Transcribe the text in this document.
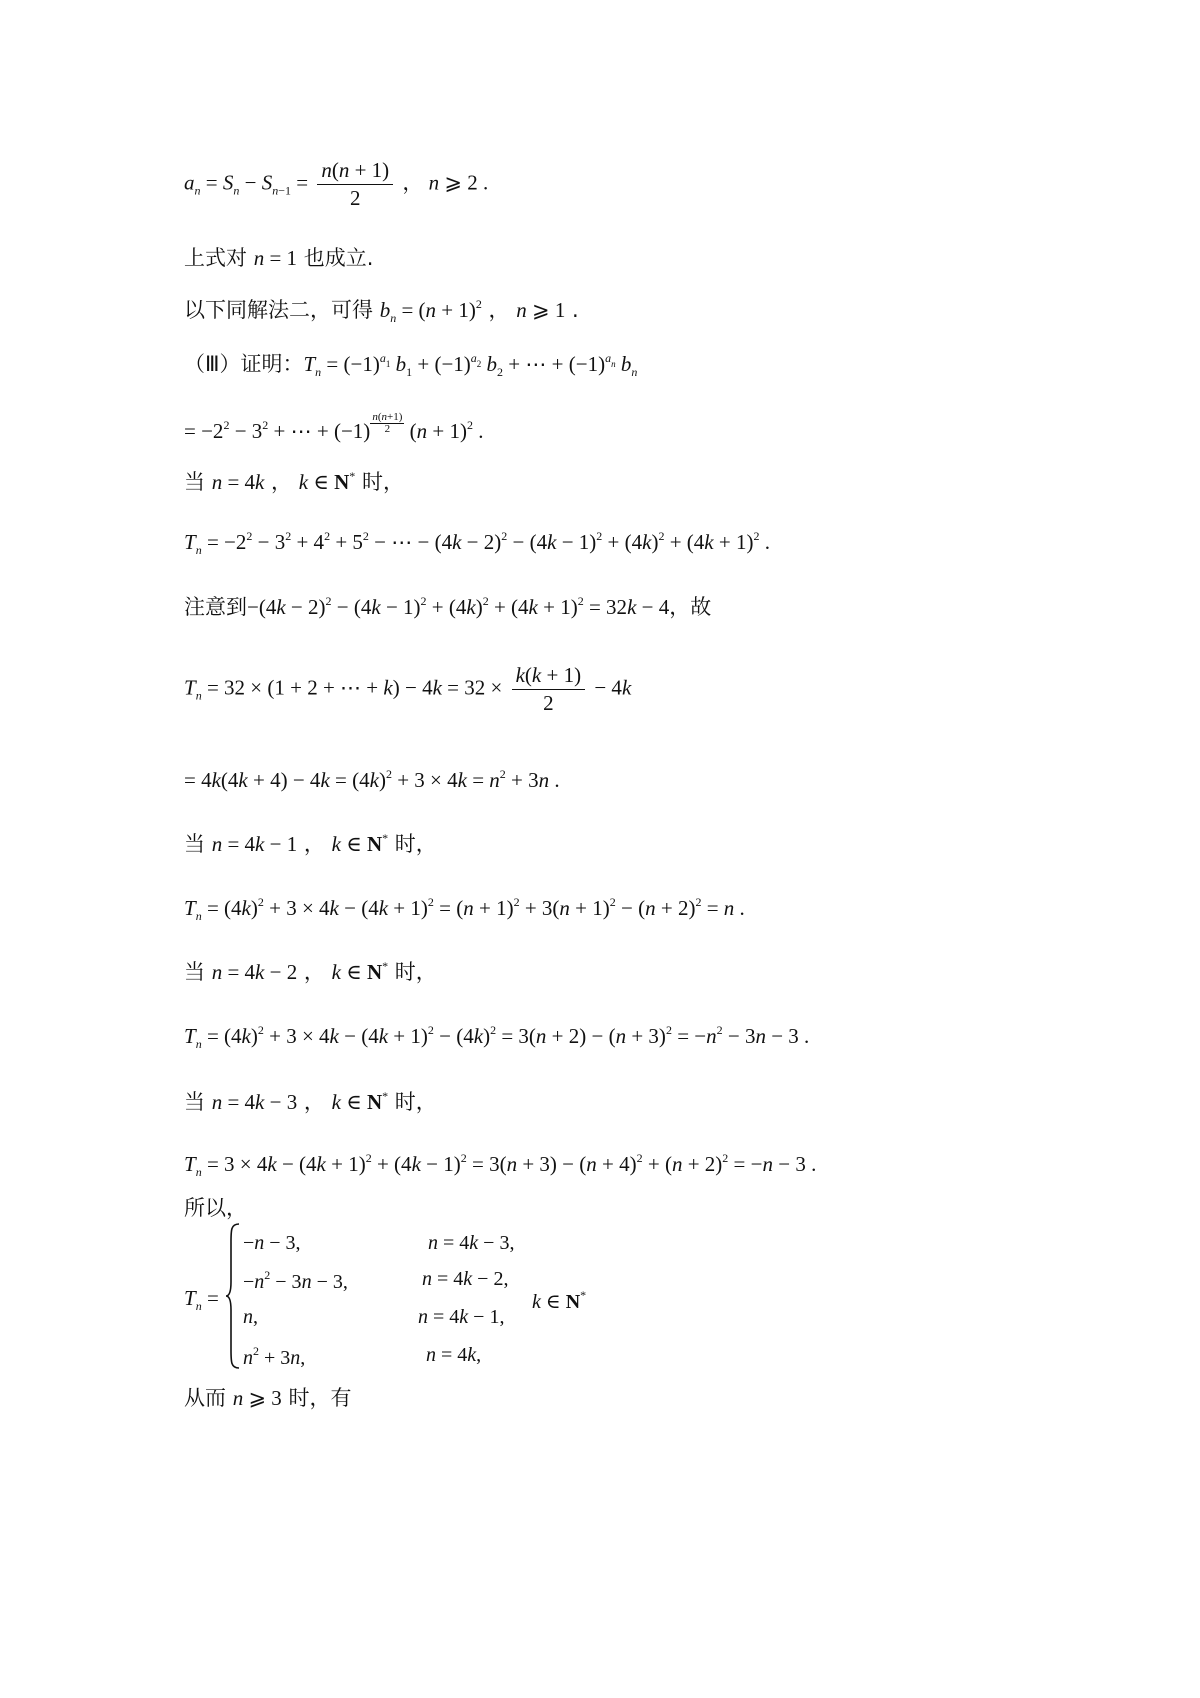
$a_n = S_n - S_{n-1} = \frac{n(n + 1)}{2}$ ， n ⩾ 2 .
上式对 n = 1 也成立.
以下同解法二，可得 $b_n = (n + 1)^2$ ， n ⩾ 1 .
（Ⅲ）证明：$T_n = (-1)^{a_1}$ $b_1 + (-1)^{a_2}$ $b_2$ + ⋯ + $(-1)^{a_n}$ $b_n$
= $-2^2 - 3^2$ + ⋯ + (−1) $^{\frac{n(n+1)}{2}}$ $(n + 1)^2$ .
当 n = 4k ， k ∈ N* 时，
$T_n = -2^2 - 3^2 + 4^2 + 5^2$ − ⋯ − $(4k - 2)^2 - (4k - 1)^2 + (4k)^2 + (4k + 1)^2$ .
注意到$-(4k - 2)^2 - (4k - 1)^2 + (4k)^2 + (4k + 1)^2 = 32k - 4$，故
$T_n = 32 \times (1 + 2$ + ⋯ + $k) - 4k = 32 \times \frac{k(k + 1)}{2} - 4k$
= $4k(4k + 4) - 4k = (4k)^2 + 3 \times 4k = n^2 + 3n$ .
当 n = 4k − 1 ， k ∈ N* 时，
$T_n = (4k)^2 + 3 \times 4k - (4k + 1)^2 = (n + 1)^2 + 3(n + 1)^2 - (n + 2)^2 = n$ .
当 n = 4k − 2 ， k ∈ N* 时，
$T_n = (4k)^2 + 3 \times 4k - (4k + 1)^2 - (4k)^2 = 3(n + 2) - (n + 3)^2 = -n^2 - 3n - 3$ .
当 n = 4k − 3 ， k ∈ N* 时，
$T_n = 3 \times 4k - (4k + 1)^2 + (4k - 1)^2 = 3(n + 3) - (n + 4)^2 + (n + 2)^2 = -n - 3$ .
所以，
$T_n$ =
−n − 3,	n = 4k − 3,
$-n^2 - 3n - 3$,	n = 4k − 2,
n,	n = 4k − 1,
$n^2 + 3n$,	n = 4k,
k ∈ N*
从而 n ⩾ 3 时，有
